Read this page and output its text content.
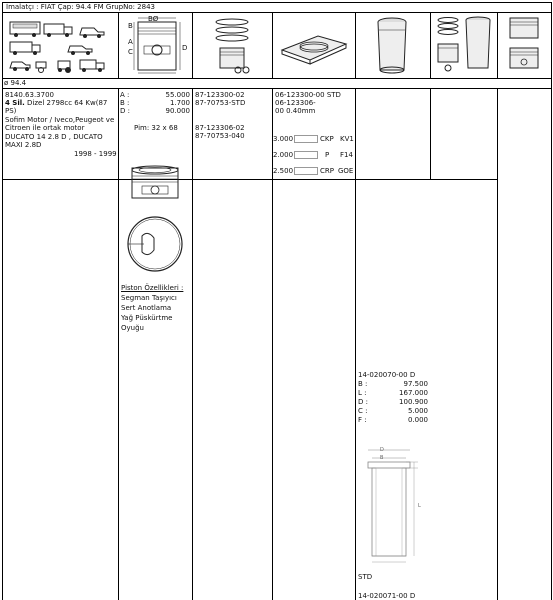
İmalatçı : FIAT Çap: 94.4 FM GrupNo: 2843
B
BØ
A
C	D
ø 94.4
8140.63.3700
4 Sil. Dizel 2798cc 64 Kw(87
PS)
Sofim Motor / Iveco,Peugeot ve
Citroen ile ortak motor
DUCATO 14 2.8 D , DUCATO
MAXI 2.8D
1998 - 1999
A :	55.000
B :	1.700
D :	90.000
Pim: 32 x 68
Piston Özellikleri :
Segman Taşıyıcı
Sert Anotlama
Yağ Püskürtme
Oyuğu
87-123300-02
87-70753-STD
87-123306-02
87-70753-040
06-123300-00 STD
06-123306-
00 0.40mm
3.000	CKP KV1
2.000	P F14
2.500	CRP GOE
14-020070-00 D
B :	97.500
L :	167.000
D :	100.900
C :	5.000
F :	0.000
D
B
L
STD
14-020071-00 D
